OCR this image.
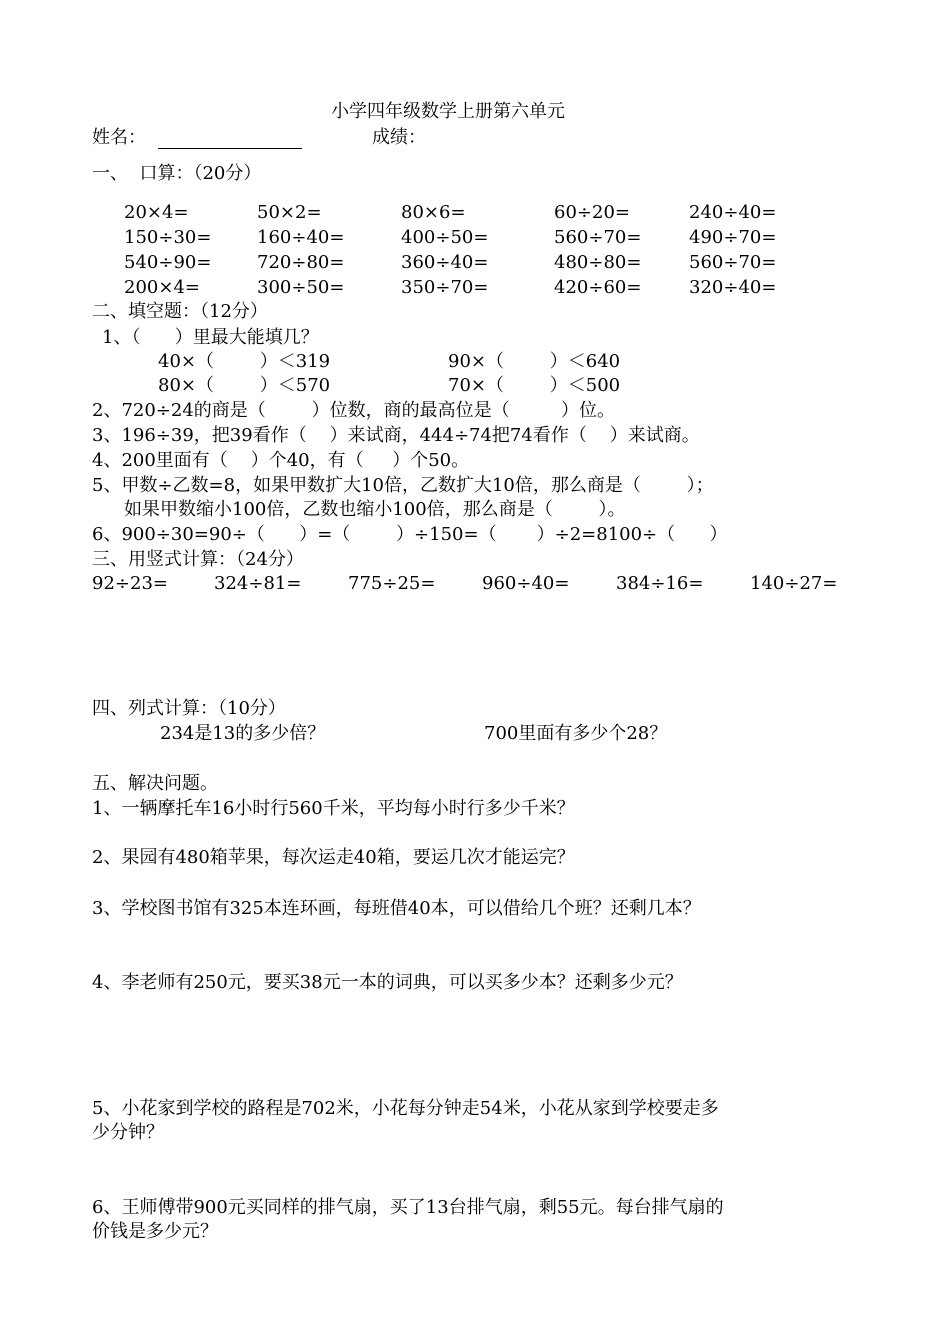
小学四年级数学上册第六单元
姓名：	成绩：
一、  口算：（20分）
20×4=	50×2=	80×6=	60÷20=	240÷40=
150÷30=	160÷40=	400÷50=	560÷70=	490÷70=
540÷90=	720÷80=	360÷40=	480÷80=	560÷70=
200×4=	300÷50=	350÷70=	420÷60=	320÷40=
二、填空题：（12分）
1、（      ）里最大能填几？
40×（        ）＜319	90×（        ）＜640
80×（        ）＜570	70×（        ）＜500
2、720÷24的商是（        ）位数，商的最高位是（         ）位。
3、196÷39，把39看作（    ）来试商，444÷74把74看作（    ）来试商。
4、200里面有（    ）个40，有（     ）个50。
5、甲数÷乙数=8，如果甲数扩大10倍，乙数扩大10倍，那么商是（        ）；
如果甲数缩小100倍，乙数也缩小100倍，那么商是（        ）。
6、900÷30=90÷（      ）=（        ）÷150=（       ）÷2=8100÷（      ）
三、用竖式计算：（24分）
92÷23=	324÷81=	775÷25=	960÷40=	384÷16=	140÷27=
四、列式计算：（10分）
234是13的多少倍？	700里面有多少个28？
五、解决问题。
1、一辆摩托车16小时行560千米，平均每小时行多少千米？
2、果园有480箱苹果，每次运走40箱，要运几次才能运完？
3、学校图书馆有325本连环画，每班借40本，可以借给几个班？还剩几本？
4、李老师有250元，要买38元一本的词典，可以买多少本？还剩多少元？
5、小花家到学校的路程是702米，小花每分钟走54米，小花从家到学校要走多
少分钟？
6、王师傅带900元买同样的排气扇，买了13台排气扇，剩55元。每台排气扇的
价钱是多少元？
